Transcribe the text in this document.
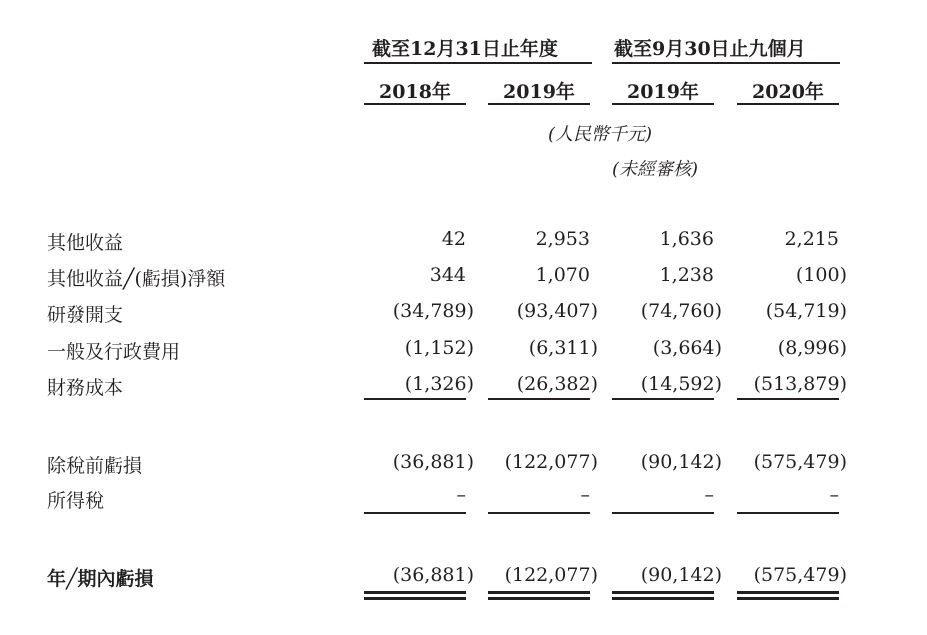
截至12月31日止年度	截至9月30日止九個月
2018年	2019年	2019年	2020年
(人民幣千元)
(未經審核)
其他收益	42	2,953	1,636	2,215
其他收益╱(虧損)淨額	344	1,070	1,238	(100)
研發開支	(34,789)	(93,407)	(74,760)	(54,719)
一般及行政費用	(1,152)	(6,311)	(3,664)	(8,996)
財務成本	(1,326)	(26,382)	(14,592)	(513,879)
除稅前虧損	(36,881)	(122,077)	(90,142)	(575,479)
所得稅	–	–	–	–
年╱期內虧損	(36,881)	(122,077)	(90,142)	(575,479)
